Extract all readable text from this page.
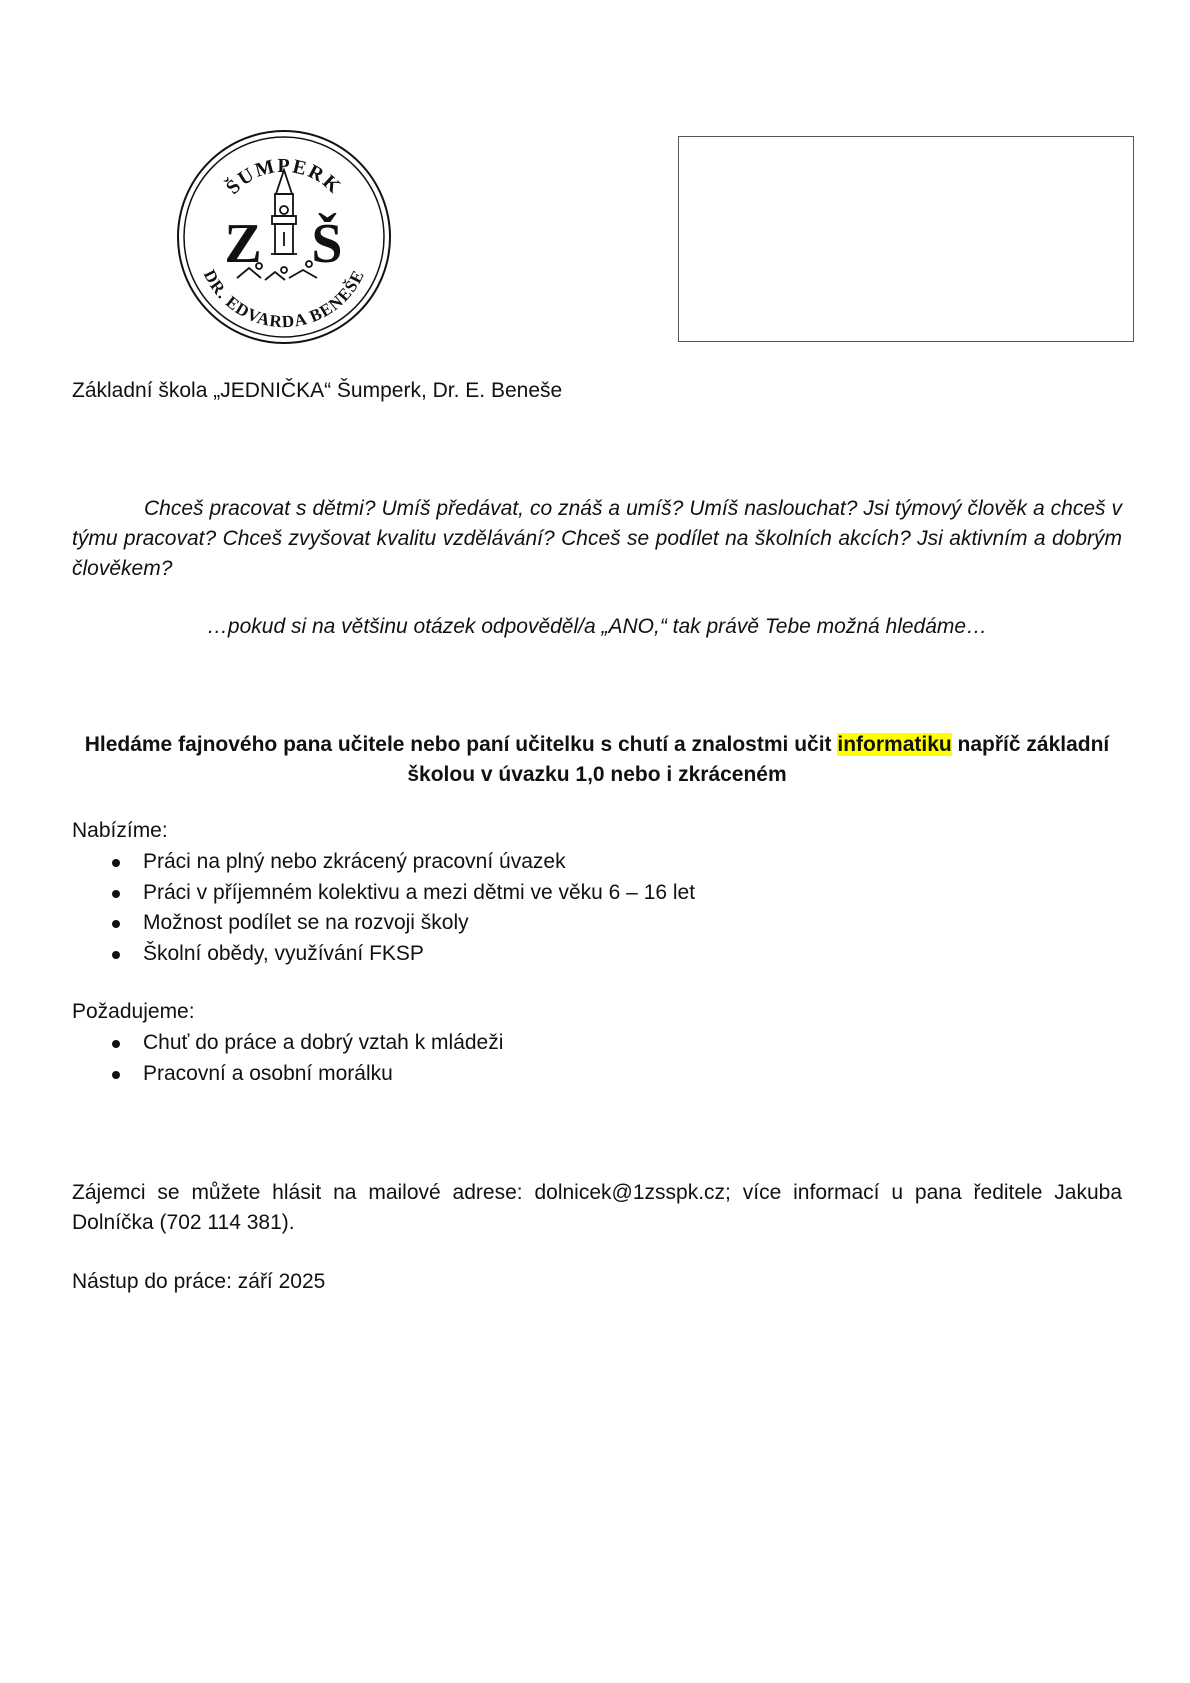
ŠUMPERK
DR. EDVARDA BENEŠE
Z Š
Základní škola „JEDNIČKA“ Šumperk, Dr. E. Beneše

Chceš pracovat s dětmi? Umíš předávat, co znáš a umíš? Umíš naslouchat? Jsi týmový člověk a chceš v týmu pracovat? Chceš zvyšovat kvalitu vzdělávání? Chceš se podílet na školních akcích? Jsi aktivním a dobrým člověkem?

…pokud si na většinu otázek odpověděl/a „ANO,“ tak právě Tebe možná hledáme…

Hledáme fajnového pana učitele nebo paní učitelku s chutí a znalostmi učit informatiku napříč základní školou v úvazku 1,0 nebo i zkráceném

Nabízíme:

Práci na plný nebo zkrácený pracovní úvazek
Práci v příjemném kolektivu a mezi dětmi ve věku 6 – 16 let
Možnost podílet se na rozvoji školy
Školní obědy, využívání FKSP

Požadujeme:

Chuť do práce a dobrý vztah k mládeži
Pracovní a osobní morálku

Zájemci se můžete hlásit na mailové adrese: dolnicek@1zsspk.cz; více informací u pana ředitele Jakuba Dolníčka (702 114 381).

Nástup do práce: září 2025
